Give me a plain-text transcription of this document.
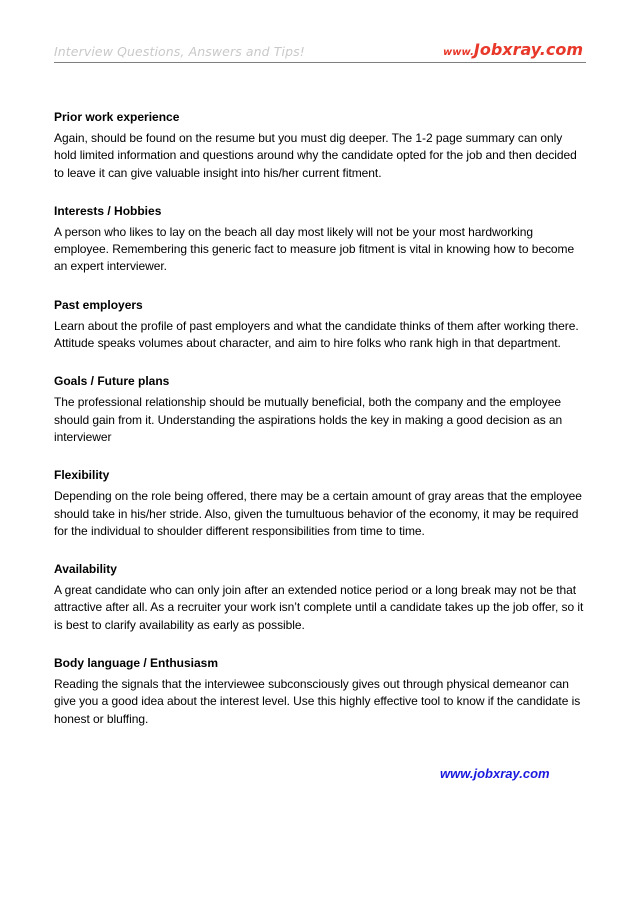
Interview Questions, Answers and Tips!	www.Jobxray.com
Prior work experience

Again, should be found on the resume but you must dig deeper. The 1-2 page summary can only hold limited information and questions around why the candidate opted for the job and then decided to leave it can give valuable insight into his/her current fitment.

Interests / Hobbies

A person who likes to lay on the beach all day most likely will not be your most hardworking employee. Remembering this generic fact to measure job fitment is vital in knowing how to become an expert interviewer.

Past employers

Learn about the profile of past employers and what the candidate thinks of them after working there. Attitude speaks volumes about character, and aim to hire folks who rank high in that department.

Goals / Future plans

The professional relationship should be mutually beneficial, both the company and the employee should gain from it. Understanding the aspirations holds the key in making a good decision as an interviewer

Flexibility

Depending on the role being offered, there may be a certain amount of gray areas that the employee should take in his/her stride. Also, given the tumultuous behavior of the economy, it may be required for the individual to shoulder different responsibilities from time to time.

Availability

A great candidate who can only join after an extended notice period or a long break may not be that attractive after all. As a recruiter your work isn’t complete until a candidate takes up the job offer, so it is best to clarify availability as early as possible.

Body language / Enthusiasm

Reading the signals that the interviewee subconsciously gives out through physical demeanor can give you a good idea about the interest level. Use this highly effective tool to know if the candidate is honest or bluffing.

www.jobxray.com
